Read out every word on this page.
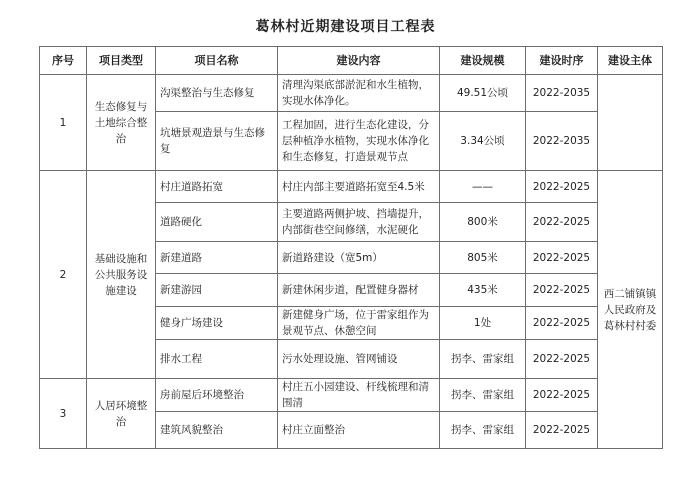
葛林村近期建设项目工程表
序号	项目类型	项目名称	建设内容	建设规模	建设时序	建设主体	
1	生态修复与土地综合整治	沟渠整治与生态修复	清理沟渠底部淤泥和水生植物，实现水体净化。	49.51公顷	2022-2035		
		坑塘景观造景与生态修复	工程加固，进行生态化建设，分层种植净水植物，实现水体净化和生态修复，打造景观节点	3.34公顷	2022-2035		
2	基础设施和公共服务设施建设	村庄道路拓宽	村庄内部主要道路拓宽至4.5米	——	2022-2025	西二铺镇镇人民政府及葛林村村委	
		道路硬化	主要道路两侧护坡、挡墙提升，内部街巷空间修缮，水泥硬化	800米	2022-2025		
		新建道路	新道路建设（宽5m）	805米	2022-2025		
		新建游园	新建休闲步道，配置健身器材	435米	2022-2025		
		健身广场建设	新建健身广场，位于雷家组作为景观节点、休憩空间	1处	2022-2025		
		排水工程	污水处理设施、管网铺设	拐李、雷家组	2022-2025		
3	人居环境整治	房前屋后环境整治	村庄五小园建设、杆线梳理和清围清	拐李、雷家组	2022-2025		
		建筑风貌整治	村庄立面整治	拐李、雷家组	2022-2025		
